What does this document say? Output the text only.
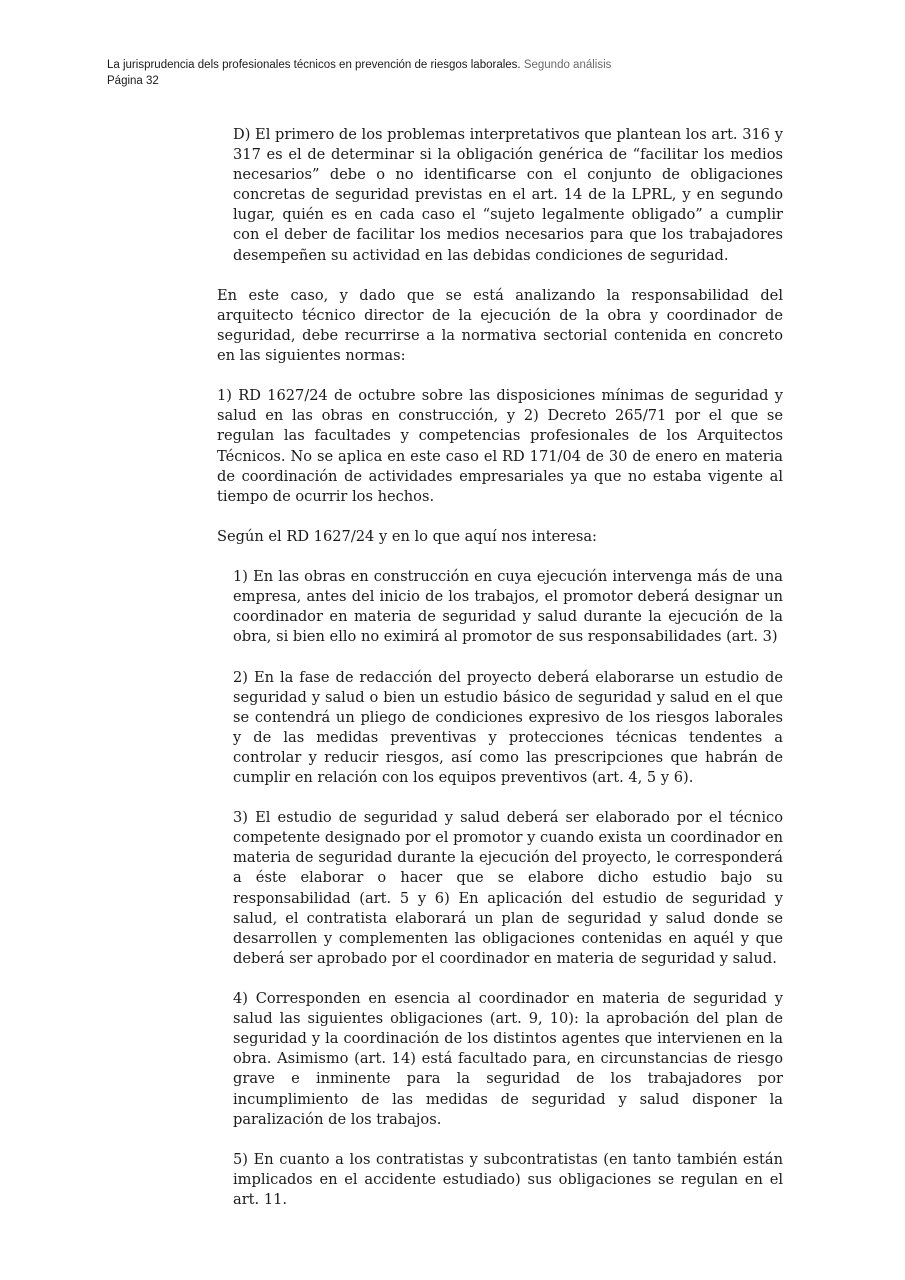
La jurisprudencia dels profesionales técnicos en prevención de riesgos laborales. Segundo análisis
Página 32

D) El primero de los problemas interpretativos que plantean los art. 316 y 317 es el de determinar si la obligación genérica de “facilitar los medios necesarios” debe o no identificarse con el conjunto de obligaciones concretas de seguridad previstas en el art. 14 de la LPRL, y en segundo lugar, quién es en cada caso el “sujeto legalmente obligado” a cumplir con el deber de facilitar los medios necesarios para que los trabajadores desempeñen su actividad en las debidas condiciones de seguridad.

En este caso, y dado que se está analizando la responsabilidad del arquitecto técnico director de la ejecución de la obra y coordinador de seguridad, debe recurrirse a la normativa sectorial contenida en concreto en las siguientes normas:

1) RD 1627/24 de octubre sobre las disposiciones mínimas de seguridad y salud en las obras en construcción, y 2) Decreto 265/71 por el que se regulan las facultades y competencias profesionales de los Arquitectos Técnicos. No se aplica en este caso el RD 171/04 de 30 de enero en materia de coordinación de actividades empresariales ya que no estaba vigente al tiempo de ocurrir los hechos.

Según el RD 1627/24 y en lo que aquí nos interesa:

1) En las obras en construcción en cuya ejecución intervenga más de una empresa, antes del inicio de los trabajos, el promotor deberá designar un coordinador en materia de seguridad y salud durante la ejecución de la obra, si bien ello no eximirá al promotor de sus responsabilidades (art. 3)

2) En la fase de redacción del proyecto deberá elaborarse un estudio de seguridad y salud o bien un estudio básico de seguridad y salud en el que se contendrá un pliego de condiciones expresivo de los riesgos laborales y de las medidas preventivas y protecciones técnicas tendentes a controlar y reducir riesgos, así como las prescripciones que habrán de cumplir en relación con los equipos preventivos (art. 4, 5 y 6).

3) El estudio de seguridad y salud deberá ser elaborado por el técnico competente designado por el promotor y cuando exista un coordinador en materia de seguridad durante la ejecución del proyecto, le corresponderá a éste elaborar o hacer que se elabore dicho estudio bajo su responsabilidad (art. 5 y 6) En aplicación del estudio de seguridad y salud, el contratista elaborará un plan de seguridad y salud donde se desarrollen y complementen las obligaciones contenidas en aquél y que deberá ser aprobado por el coordinador en materia de seguridad y salud.

4) Corresponden en esencia al coordinador en materia de seguridad y salud las siguientes obligaciones (art. 9, 10): la aprobación del plan de seguridad y la coordinación de los distintos agentes que intervienen en la obra. Asimismo (art. 14) está facultado para, en circunstancias de riesgo grave e inminente para la seguridad de los trabajadores por incumplimiento de las medidas de seguridad y salud disponer la paralización de los trabajos.

5) En cuanto a los contratistas y subcontratistas (en tanto también están implicados en el accidente estudiado) sus obligaciones se regulan en el art. 11.
